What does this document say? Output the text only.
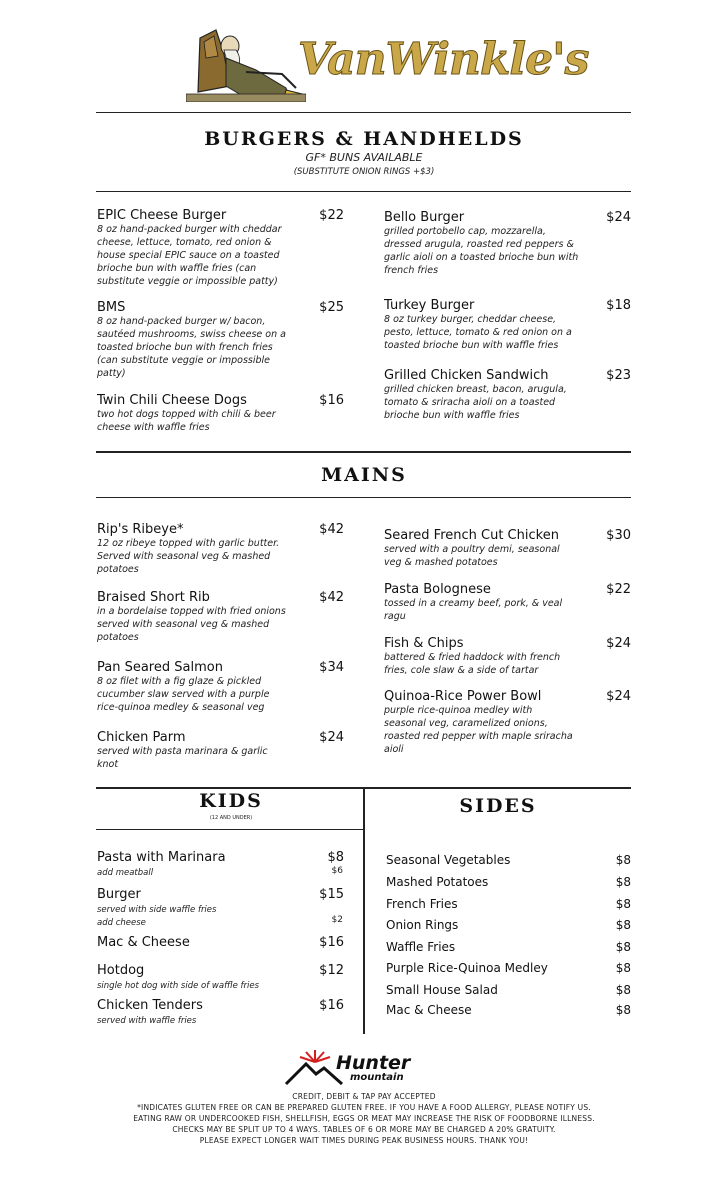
VanWinkle's
BURGERS & HANDHELDS
GF* BUNS AVAILABLE
(SUBSTITUTE ONION RINGS +$3)
EPIC Cheese Burger
8 oz hand-packed burger with cheddar
cheese, lettuce, tomato, red onion &
house special EPIC sauce on a toasted
brioche bun with waffle fries (can
substitute veggie or impossible patty)
$22
BMS
8 oz hand-packed burger w/ bacon,
sautéed mushrooms, swiss cheese on a
toasted brioche bun with french fries
(can substitute veggie or impossible
patty)
$25
Twin Chili Cheese Dogs
two hot dogs topped with chili & beer
cheese with waffle fries
$16
Bello Burger
grilled portobello cap, mozzarella,
dressed arugula, roasted red peppers &
garlic aioli on a toasted brioche bun with
french fries
$24
Turkey Burger
8 oz turkey burger, cheddar cheese,
pesto, lettuce, tomato & red onion on a
toasted brioche bun with waffle fries
$18
Grilled Chicken Sandwich
grilled chicken breast, bacon, arugula,
tomato & sriracha aioli on a toasted
brioche bun with waffle fries
$23
MAINS
Rip's Ribeye*
12 oz ribeye topped with garlic butter.
Served with seasonal veg & mashed
potatoes
$42
Braised Short Rib
in a bordelaise topped with fried onions
served with seasonal veg & mashed
potatoes
$42
Pan Seared Salmon
8 oz filet with a fig glaze & pickled
cucumber slaw served with a purple
rice-quinoa medley & seasonal veg
$34
Chicken Parm
served with pasta marinara & garlic
knot
$24
Seared French Cut Chicken
served with a poultry demi, seasonal
veg & mashed potatoes
$30
Pasta Bolognese
tossed in a creamy beef, pork, & veal
ragu
$22
Fish & Chips
battered & fried haddock with french
fries, cole slaw & a side of tartar
$24
Quinoa-Rice Power Bowl
purple rice-quinoa medley with
seasonal veg, caramelized onions,
roasted red pepper with maple sriracha
aioli
$24
KIDS
(12 AND UNDER)
SIDES
Pasta with Marinara
add meatball
$8
$6
Burger
served with side waffle fries
add cheese
$15
$2
Mac & Cheese	$16
Hotdog
single hot dog with side of waffle fries
$12
Chicken Tenders
served with waffle fries
$16
Seasonal Vegetables	$8
Mashed Potatoes	$8
French Fries	$8
Onion Rings	$8
Waffle Fries	$8
Purple Rice-Quinoa Medley	$8
Small House Salad	$8
Mac & Cheese	$8
Hunter
mountain
CREDIT, DEBIT & TAP PAY ACCEPTED
*INDICATES GLUTEN FREE OR CAN BE PREPARED GLUTEN FREE. IF YOU HAVE A FOOD ALLERGY, PLEASE NOTIFY US.
EATING RAW OR UNDERCOOKED FISH, SHELLFISH, EGGS OR MEAT MAY INCREASE THE RISK OF FOODBORNE ILLNESS.
CHECKS MAY BE SPLIT UP TO 4 WAYS. TABLES OF 6 OR MORE MAY BE CHARGED A 20% GRATUITY.
PLEASE EXPECT LONGER WAIT TIMES DURING PEAK BUSINESS HOURS. THANK YOU!
